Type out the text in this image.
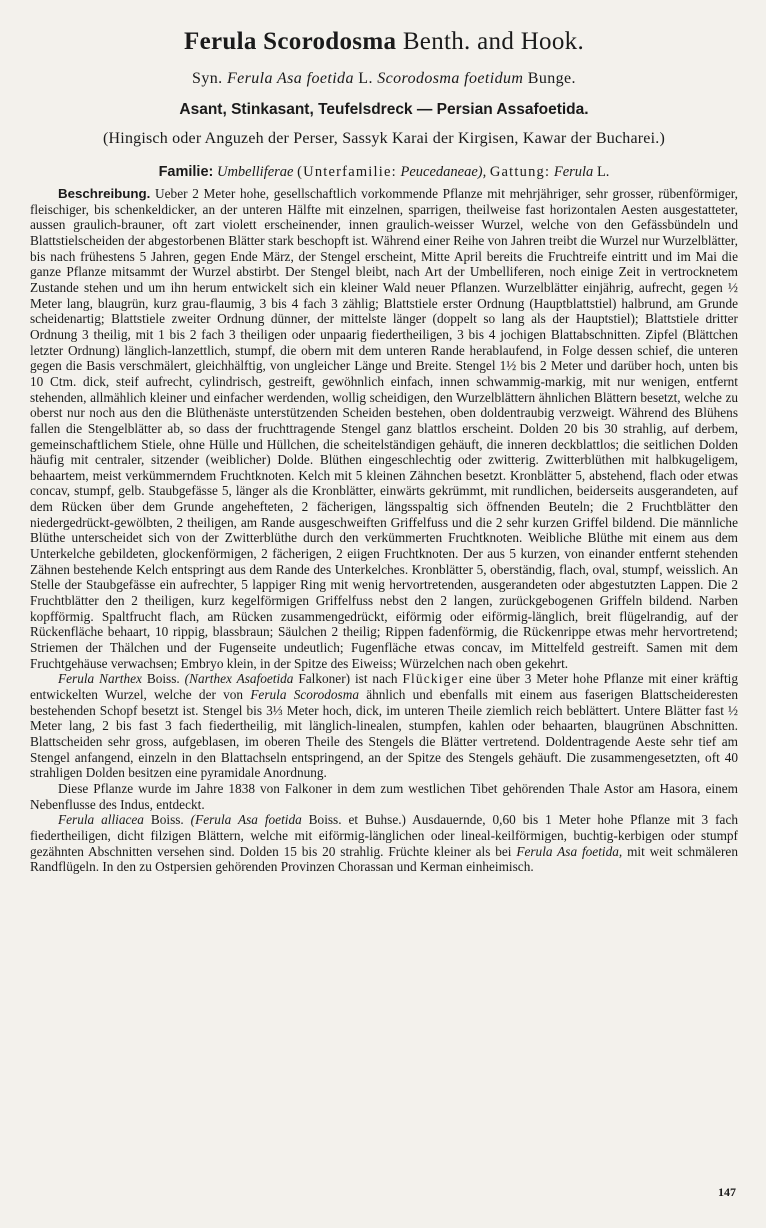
Ferula Scorodosma Benth. and Hook.
Syn. Ferula Asa foetida L. Scorodosma foetidum Bunge.
Asant, Stinkasant, Teufelsdreck — Persian Assafoetida.
(Hingisch oder Anguzeh der Perser, Sassyk Karai der Kirgisen, Kawar der Bucharei.)
Familie: Umbelliferae (Unterfamilie: Peucedaneae), Gattung: Ferula L.

Beschreibung. Ueber 2 Meter hohe, gesellschaftlich vorkommende Pflanze mit mehrjähriger, sehr grosser, rübenförmiger, fleischiger, bis schenkeldicker, an der unteren Hälfte mit einzelnen, sparrigen, theilweise fast horizontalen Aesten ausgestatteter, aussen graulich-brauner, oft zart violett erscheinender, innen graulich-weisser Wurzel, welche von den Gefässbündeln und Blattstielscheiden der abgestorbenen Blätter stark beschopft ist. Während einer Reihe von Jahren treibt die Wurzel nur Wurzelblätter, bis nach frühestens 5 Jahren, gegen Ende März, der Stengel erscheint, Mitte April bereits die Fruchtreife eintritt und im Mai die ganze Pflanze mitsammt der Wurzel abstirbt. Der Stengel bleibt, nach Art der Umbelliferen, noch einige Zeit in vertrocknetem Zustande stehen und um ihn herum entwickelt sich ein kleiner Wald neuer Pflanzen. Wurzelblätter einjährig, aufrecht, gegen ½ Meter lang, blaugrün, kurz grau-flaumig, 3 bis 4 fach 3 zählig; Blattstiele erster Ordnung (Hauptblattstiel) halbrund, am Grunde scheidenartig; Blattstiele zweiter Ordnung dünner, der mittelste länger (doppelt so lang als der Hauptstiel); Blattstiele dritter Ordnung 3 theilig, mit 1 bis 2 fach 3 theiligen oder unpaarig fiedertheiligen, 3 bis 4 jochigen Blattabschnitten. Zipfel (Blättchen letzter Ordnung) länglich-lanzettlich, stumpf, die obern mit dem unteren Rande herablaufend, in Folge dessen schief, die unteren gegen die Basis verschmälert, gleichhälftig, von ungleicher Länge und Breite. Stengel 1½ bis 2 Meter und darüber hoch, unten bis 10 Ctm. dick, steif aufrecht, cylindrisch, gestreift, gewöhnlich einfach, innen schwammig-markig, mit nur wenigen, entfernt stehenden, allmählich kleiner und einfacher werdenden, wollig scheidigen, den Wurzelblättern ähnlichen Blättern besetzt, welche zu oberst nur noch aus den die Blüthenäste unterstützenden Scheiden bestehen, oben doldentraubig verzweigt. Während des Blühens fallen die Stengelblätter ab, so dass der fruchttragende Stengel ganz blattlos erscheint. Dolden 20 bis 30 strahlig, auf derbem, gemeinschaftlichem Stiele, ohne Hülle und Hüllchen, die scheitelständigen gehäuft, die inneren deckblattlos; die seitlichen Dolden häufig mit centraler, sitzender (weiblicher) Dolde. Blüthen eingeschlechtig oder zwitterig. Zwitterblüthen mit halbkugeligem, behaartem, meist verkümmerndem Fruchtknoten. Kelch mit 5 kleinen Zähnchen besetzt. Kronblätter 5, abstehend, flach oder etwas concav, stumpf, gelb. Staubgefässe 5, länger als die Kronblätter, einwärts gekrümmt, mit rundlichen, beiderseits ausgerandeten, auf dem Rücken über dem Grunde angehefteten, 2 fächerigen, längsspaltig sich öffnenden Beuteln; die 2 Fruchtblätter den niedergedrückt-gewölbten, 2 theiligen, am Rande ausgeschweiften Griffelfuss und die 2 sehr kurzen Griffel bildend. Die männliche Blüthe unterscheidet sich von der Zwitterblüthe durch den verkümmerten Fruchtknoten. Weibliche Blüthe mit einem aus dem Unterkelche gebildeten, glockenförmigen, 2 fächerigen, 2 eiigen Fruchtknoten. Der aus 5 kurzen, von einander entfernt stehenden Zähnen bestehende Kelch entspringt aus dem Rande des Unterkelches. Kronblätter 5, oberständig, flach, oval, stumpf, weisslich. An Stelle der Staubgefässe ein aufrechter, 5 lappiger Ring mit wenig hervortretenden, ausgerandeten oder abgestutzten Lappen. Die 2 Fruchtblätter den 2 theiligen, kurz kegelförmigen Griffelfuss nebst den 2 langen, zurückgebogenen Griffeln bildend. Narben kopfförmig. Spaltfrucht flach, am Rücken zusammengedrückt, eiförmig oder eiförmig-länglich, breit flügelrandig, auf der Rückenfläche behaart, 10 rippig, blassbraun; Säulchen 2 theilig; Rippen fadenförmig, die Rückenrippe etwas mehr hervortretend; Striemen der Thälchen und der Fugenseite undeutlich; Fugenfläche etwas concav, im Mittelfeld gestreift. Samen mit dem Fruchtgehäuse verwachsen; Embryo klein, in der Spitze des Eiweiss; Würzelchen nach oben gekehrt.

Ferula Narthex Boiss. (Narthex Asafoetida Falkoner) ist nach Flückiger eine über 3 Meter hohe Pflanze mit einer kräftig entwickelten Wurzel, welche der von Ferula Scorodosma ähnlich und ebenfalls mit einem aus faserigen Blattscheideresten bestehenden Schopf besetzt ist. Stengel bis 3⅓ Meter hoch, dick, im unteren Theile ziemlich reich beblättert. Untere Blätter fast ½ Meter lang, 2 bis fast 3 fach fiedertheilig, mit länglich-linealen, stumpfen, kahlen oder behaarten, blaugrünen Abschnitten. Blattscheiden sehr gross, aufgeblasen, im oberen Theile des Stengels die Blätter vertretend. Doldentragende Aeste sehr tief am Stengel anfangend, einzeln in den Blattachseln entspringend, an der Spitze des Stengels gehäuft. Die zusammengesetzten, oft 40 strahligen Dolden besitzen eine pyramidale Anordnung.

Diese Pflanze wurde im Jahre 1838 von Falkoner in dem zum westlichen Tibet gehörenden Thale Astor am Hasora, einem Nebenflusse des Indus, entdeckt.

Ferula alliacea Boiss. (Ferula Asa foetida Boiss. et Buhse.) Ausdauernde, 0,60 bis 1 Meter hohe Pflanze mit 3 fach fiedertheiligen, dicht filzigen Blättern, welche mit eiförmig-länglichen oder lineal-keilförmigen, buchtig-kerbigen oder stumpf gezähnten Abschnitten versehen sind. Dolden 15 bis 20 strahlig. Früchte kleiner als bei Ferula Asa foetida, mit weit schmäleren Randflügeln. In den zu Ostpersien gehörenden Provinzen Chorassan und Kerman einheimisch.

147
